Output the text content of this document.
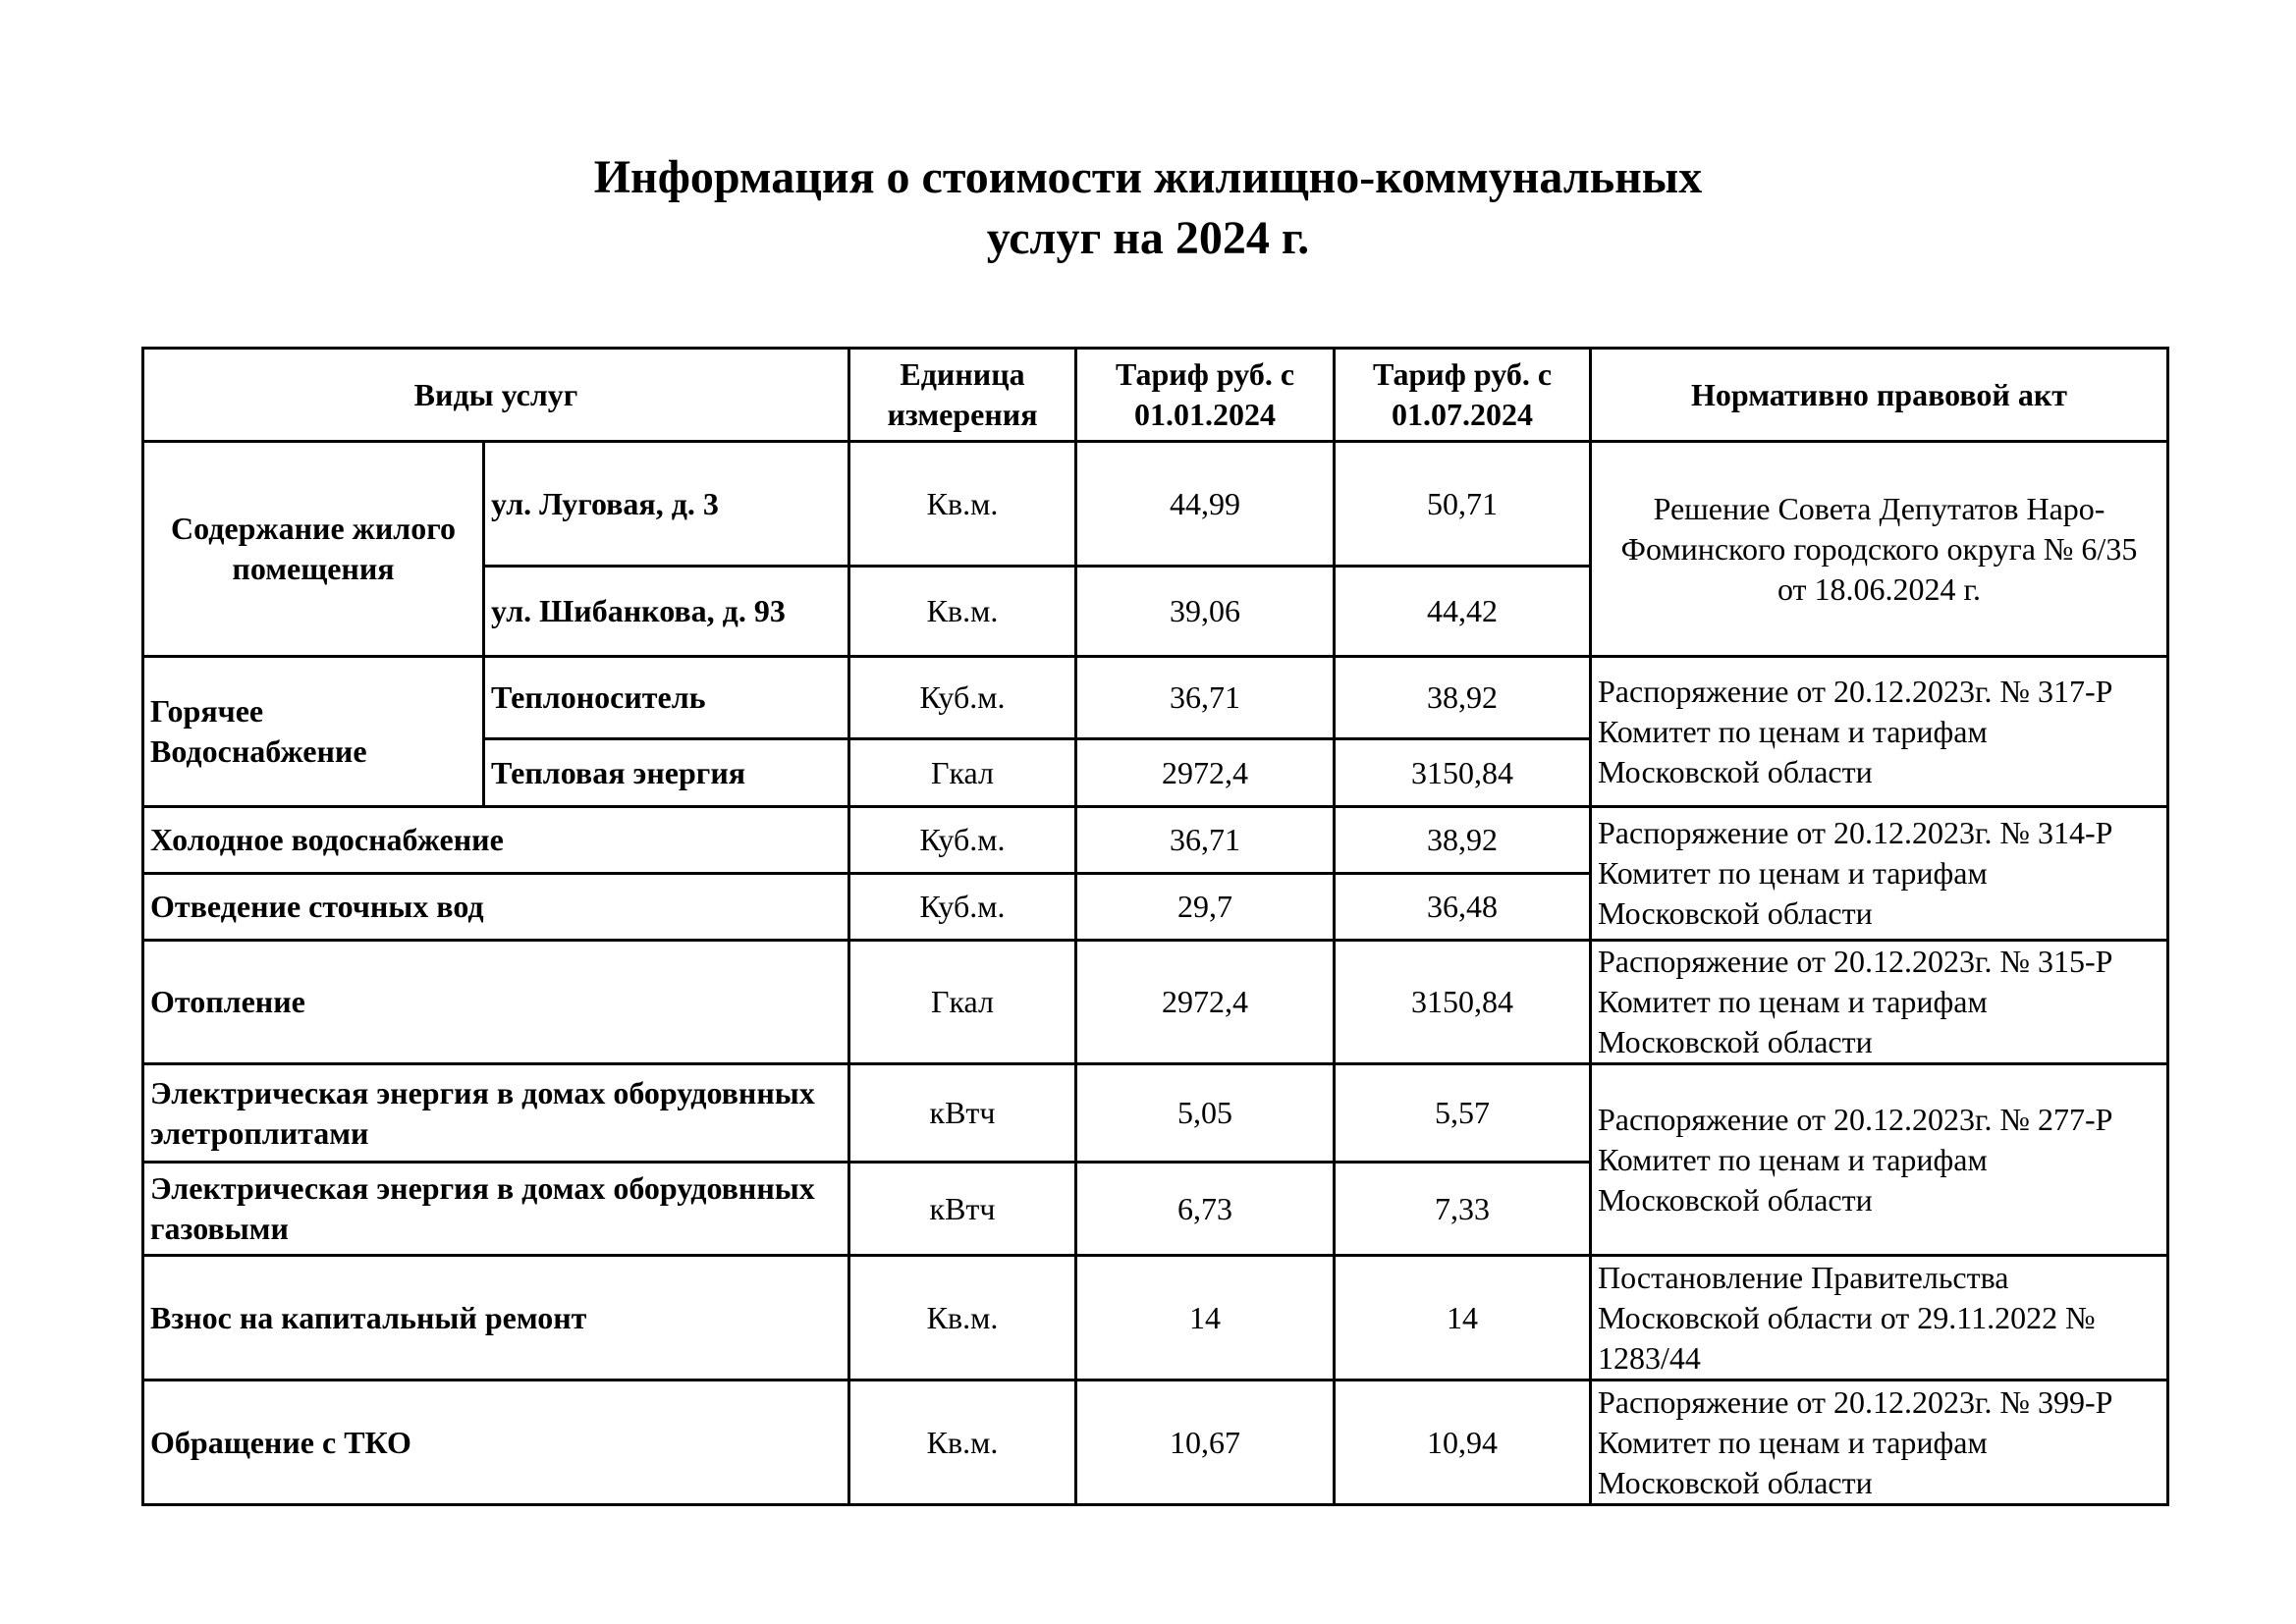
Информация о стоимости жилищно-коммунальных
услуг на 2024 г.
Виды услуг		Единица измерения	Тариф руб. с 01.01.2024	Тариф руб. с 01.07.2024	Нормативно правовой акт
Содержание жилого помещения	ул. Луговая, д. 3	Кв.м.	44,99	50,71	Решение Совета Депутатов Наро-
Фоминского городского округа № 6/35
от 18.06.2024 г.

	ул. Шибанкова, д. 93	Кв.м.	39,06	44,42	
Горячее Водоснабжение	Теплоноситель	Куб.м.	36,71	38,92	Распоряжение от 20.12.2023г. № 317-Р
Комитет по ценам и тарифам
Московской области

	Тепловая энергия	Гкал	2972,4	3150,84	
Холодное водоснабжение		Куб.м.	36,71	38,92	Распоряжение от 20.12.2023г. № 314-Р
Комитет по ценам и тарифам
Московской области

Отведение сточных вод		Куб.м.	29,7	36,48	
Отопление		Гкал	2972,4	3150,84	Распоряжение от 20.12.2023г. № 315-Р
Комитет по ценам и тарифам
Московской области

Электрическая энергия в домах оборудовнных элетроплитами		кВтч	5,05	5,57	Распоряжение от 20.12.2023г. № 277-Р
Комитет по ценам и тарифам
Московской области

Электрическая энергия в домах оборудовнных газовыми		кВтч	6,73	7,33	
Взнос на капитальный ремонт		Кв.м.	14	14	Постановление Правительства
Московской области от 29.11.2022 №
1283/44

Обращение с ТКО		Кв.м.	10,67	10,94	Распоряжение от 20.12.2023г. № 399-Р
Комитет по ценам и тарифам
Московской области
